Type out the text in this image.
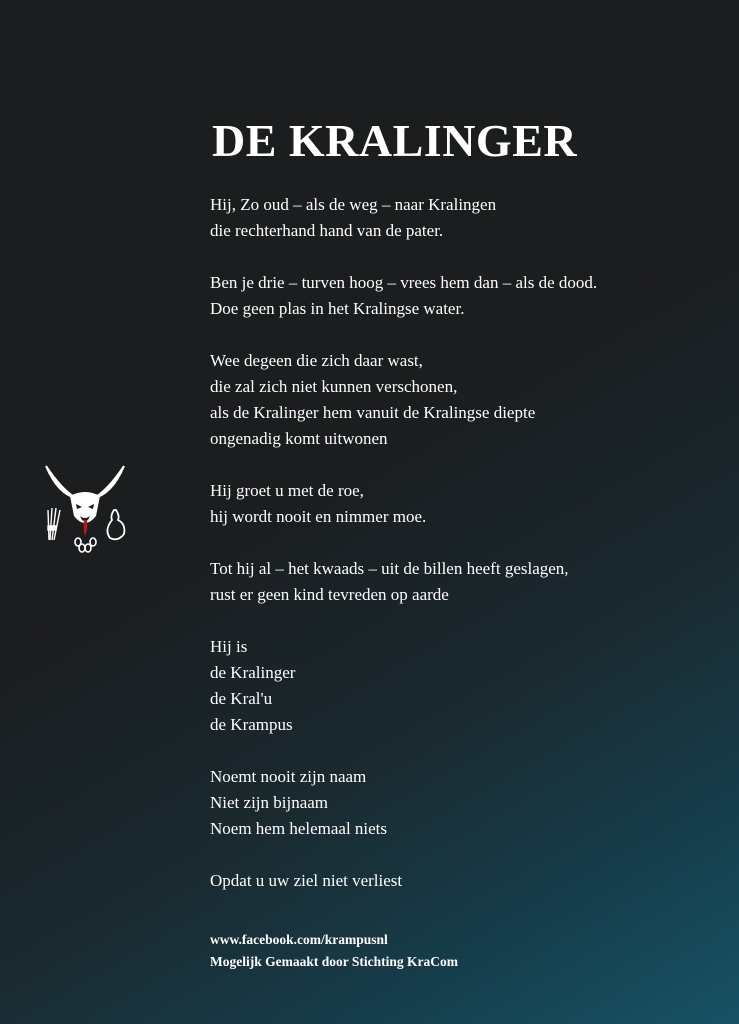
DE KRALINGER
Hij, Zo oud – als de weg – naar Kralingen
die rechterhand hand van de pater.
Ben je drie – turven hoog – vrees hem dan – als de dood.
Doe geen plas in het Kralingse water.
Wee degeen die zich daar wast,
die zal zich niet kunnen verschonen,
als de Kralinger hem vanuit de Kralingse diepte
ongenadig komt uitwonen
Hij groet u met de roe,
hij wordt nooit en nimmer moe.
Tot hij al – het kwaads – uit de billen heeft geslagen,
rust er geen kind tevreden op aarde
Hij is
de Kralinger
de Kral'u
de Krampus
Noemt nooit zijn naam
Niet zijn bijnaam
Noem hem helemaal niets
Opdat u uw ziel niet verliest
www.facebook.com/krampusnl
Mogelijk Gemaakt door Stichting KraCom
